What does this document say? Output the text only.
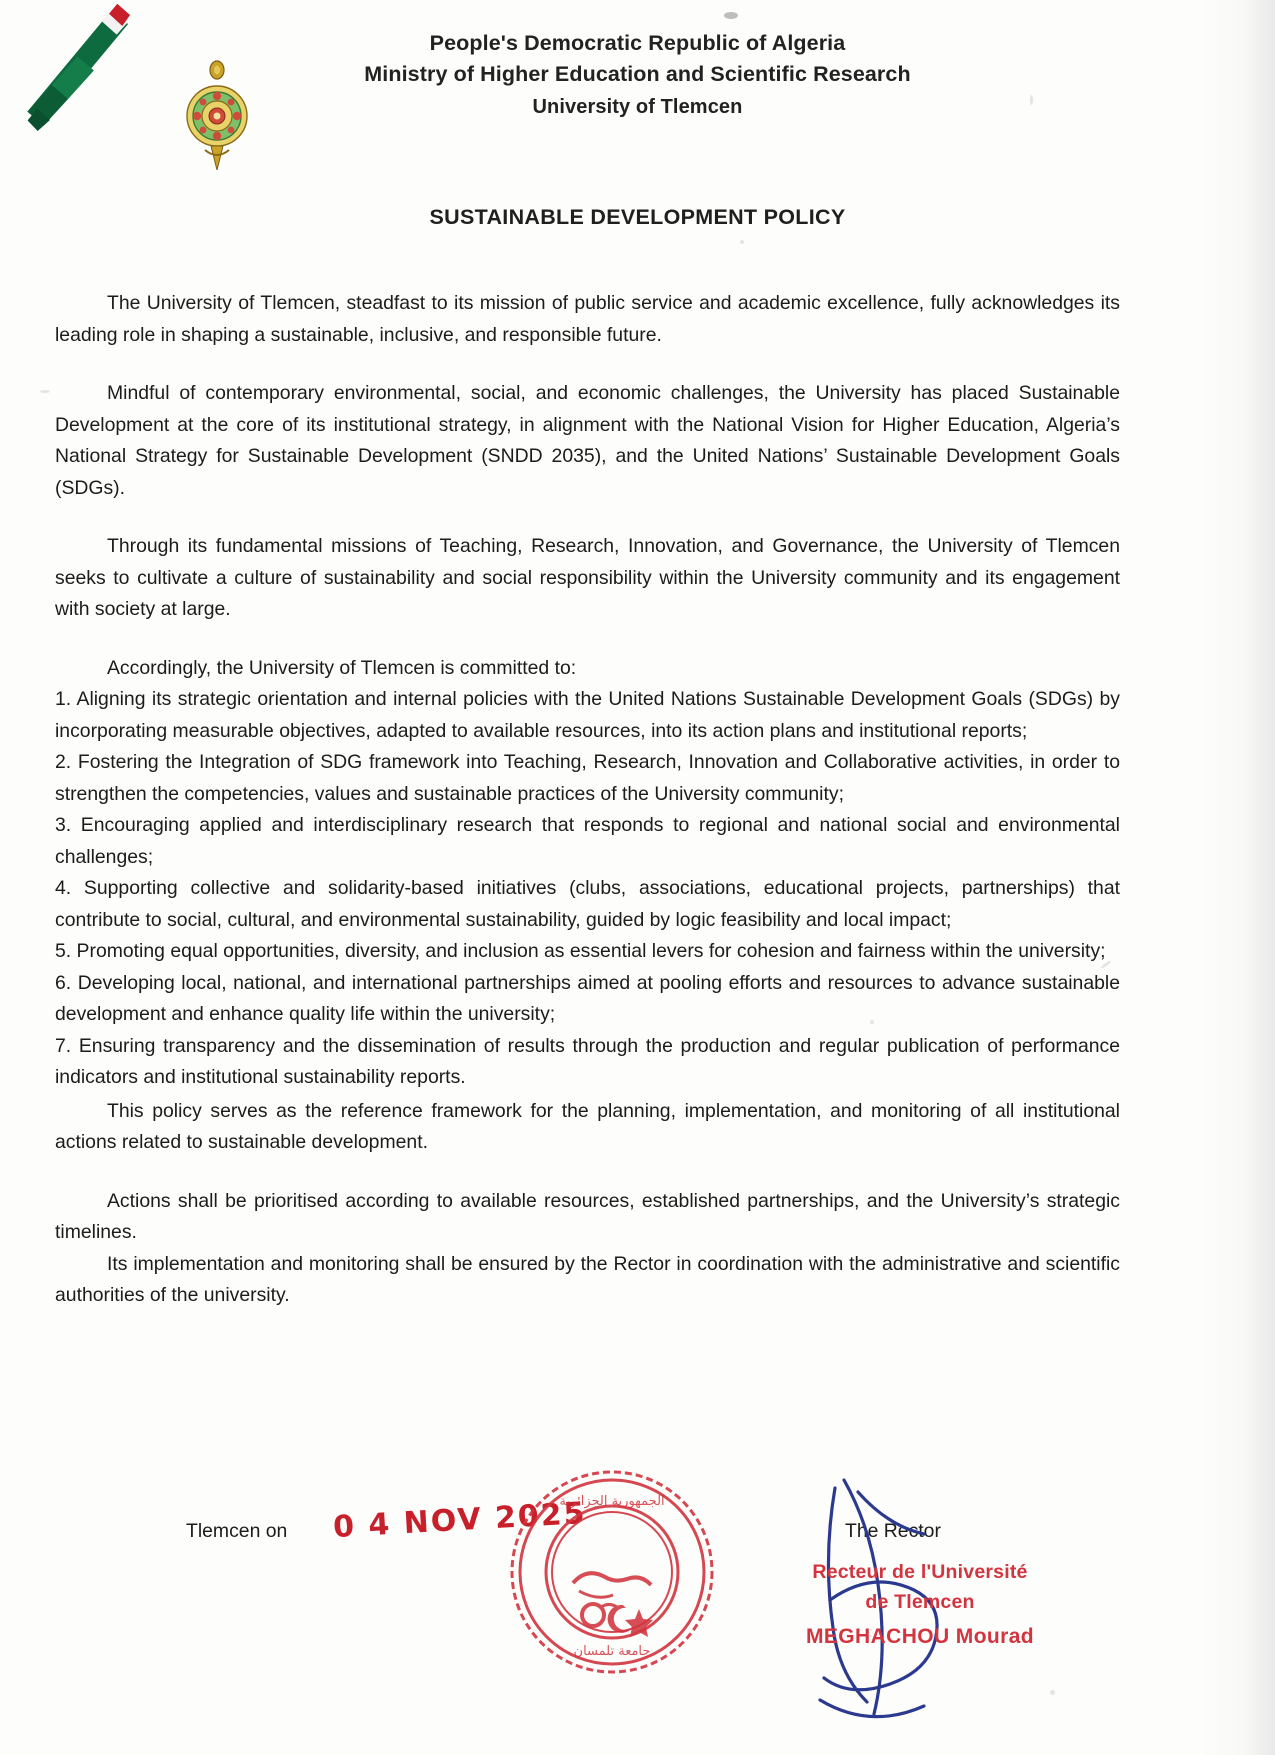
People's Democratic Republic of Algeria
Ministry of Higher Education and Scientific Research
University of Tlemcen
SUSTAINABLE DEVELOPMENT POLICY

The University of Tlemcen, steadfast to its mission of public service and academic excellence, fully acknowledges its leading role in shaping a sustainable, inclusive, and responsible future.

Mindful of contemporary environmental, social, and economic challenges, the University has placed Sustainable Development at the core of its institutional strategy, in alignment with the National Vision for Higher Education, Algeria’s National Strategy for Sustainable Development (SNDD 2035), and the United Nations’ Sustainable Development Goals (SDGs).

Through its fundamental missions of Teaching, Research, Innovation, and Governance, the University of Tlemcen seeks to cultivate a culture of sustainability and social responsibility within the University community and its engagement with society at large.

Accordingly, the University of Tlemcen is committed to:

1. Aligning its strategic orientation and internal policies with the United Nations Sustainable Development Goals (SDGs) by incorporating measurable objectives, adapted to available resources, into its action plans and institutional reports;
2. Fostering the Integration of SDG framework into Teaching, Research, Innovation and Collaborative activities, in order to strengthen the competencies, values and sustainable practices of the University community;
3. Encouraging applied and interdisciplinary research that responds to regional and national social and environmental challenges;
4. Supporting collective and solidarity-based initiatives (clubs, associations, educational projects, partnerships) that contribute to social, cultural, and environmental sustainability, guided by logic feasibility and local impact;
5. Promoting equal opportunities, diversity, and inclusion as essential levers for cohesion and fairness within the university;
6. Developing local, national, and international partnerships aimed at pooling efforts and resources to advance sustainable development and enhance quality life within the university;
7. Ensuring transparency and the dissemination of results through the production and regular publication of performance indicators and institutional sustainability reports.

This policy serves as the reference framework for the planning, implementation, and monitoring of all institutional actions related to sustainable development.

Actions shall be prioritised according to available resources, established partnerships, and the University’s strategic timelines.

Its implementation and monitoring shall be ensured by the Rector in coordination with the administrative and scientific authorities of the university.

Tlemcen on 0 4 NOV 2025	The Rector
الجمهورية الجزائرية
جامعة تلمسان
Recteur de l'Université
de Tlemcen
MEGHACHOU Mourad
